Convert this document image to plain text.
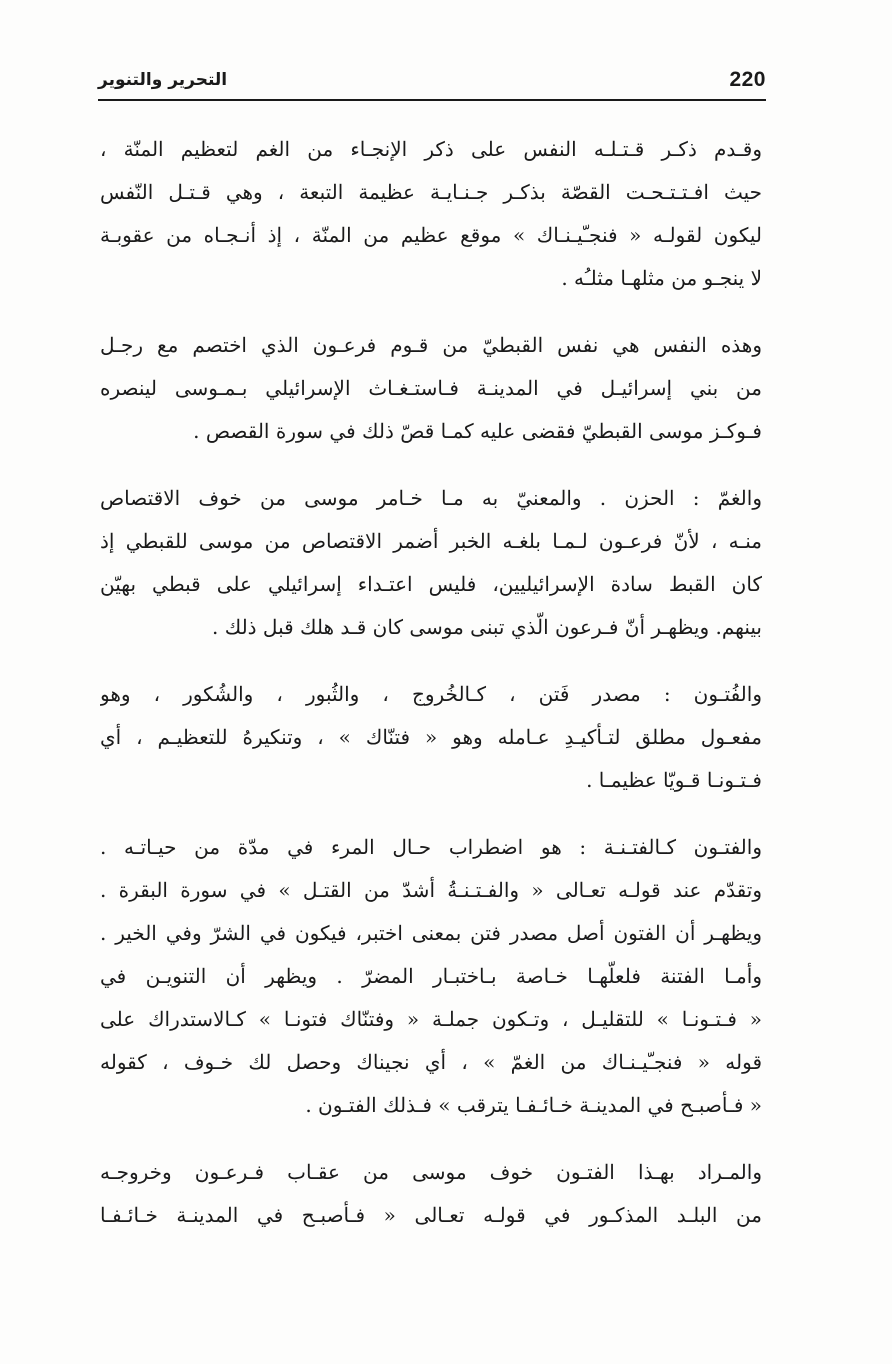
220
التحرير والتنوير
وقـدم ذكـر قـتـلـه النفس على ذكر الإنجـاء من الغم لتعظيم المنّة ،
حيث افـتـتـحـت القصّة بذكـر جـنـايـة عظيمة التبعة ، وهي قـتـل النّفس
ليكون لقولـه « فنجـّيـنـاك » موقع عظيم من المنّة ، إذ أنـجـاه من عقوبـة
لا ينجـو من مثلهـا مثلـُه .
وهذه النفس هي نفس القبطيّ من قـوم فرعـون الذي اختصم مع رجـل
من بني إسرائيـل في المدينـة فـاستـغـاث الإسرائيلي بـمـوسى لينصره
فـوكـز موسى القبطيّ فقضى عليه كمـا قصّ ذلك في سورة القصص .
والغمّ : الحزن . والمعنيّ به مـا خـامر موسى من خوف الاقتصاص
منـه ، لأنّ فرعـون لـمـا بلغـه الخبر أضمر الاقتصاص من موسى للقبطي إذ
كان القبط سادة الإسرائيليين، فليس اعتـداء إسرائيلي على قبطي بهيّن
بينهم. ويظهـر أنّ فـرعون الّذي تبنى موسى كان قـد هلك قبل ذلك .
والفُتـون : مصدر فَتن ، كـالخُروج ، والثُبور ، والشُكور ، وهو
مفعـول مطلق لتـأكيـدِ عـامله وهو « فتنّاك » ، وتنكيرهُ للتعظيـم ، أي
فـتـونـا قـويّا عظيمـا .
والفتـون كـالفتـنـة : هو اضطراب حـال المرء في مدّة من حيـاتـه .
وتقدّم عند قولـه تعـالى « والفـتـنـةُ أشدّ من القتـل » في سورة البقرة .
ويظهـر أن الفتون أصل مصدر فتن بمعنى اختبر، فيكون في الشرّ وفي الخير .
وأمـا الفتنة فلعلّهـا خـاصة بـاختبـار المضرّ . ويظهر أن التنويـن في
« فـتـونـا » للتقليـل ، وتـكون جملـة « وفتنّاك فتونـا » كـالاستدراك على
قوله « فنجـّيـنـاك من الغمّ » ، أي نجيناك وحصل لك خـوف ، كقوله
« فـأصبـح في المدينـة خـائـفـا يترقب » فـذلك الفتـون .
والمـراد بهـذا الفتـون خوف موسى من عقـاب فـرعـون وخروجـه
من البلـد المذكـور في قولـه تعـالى « فـأصبـح في المدينـة خـائـفـا
